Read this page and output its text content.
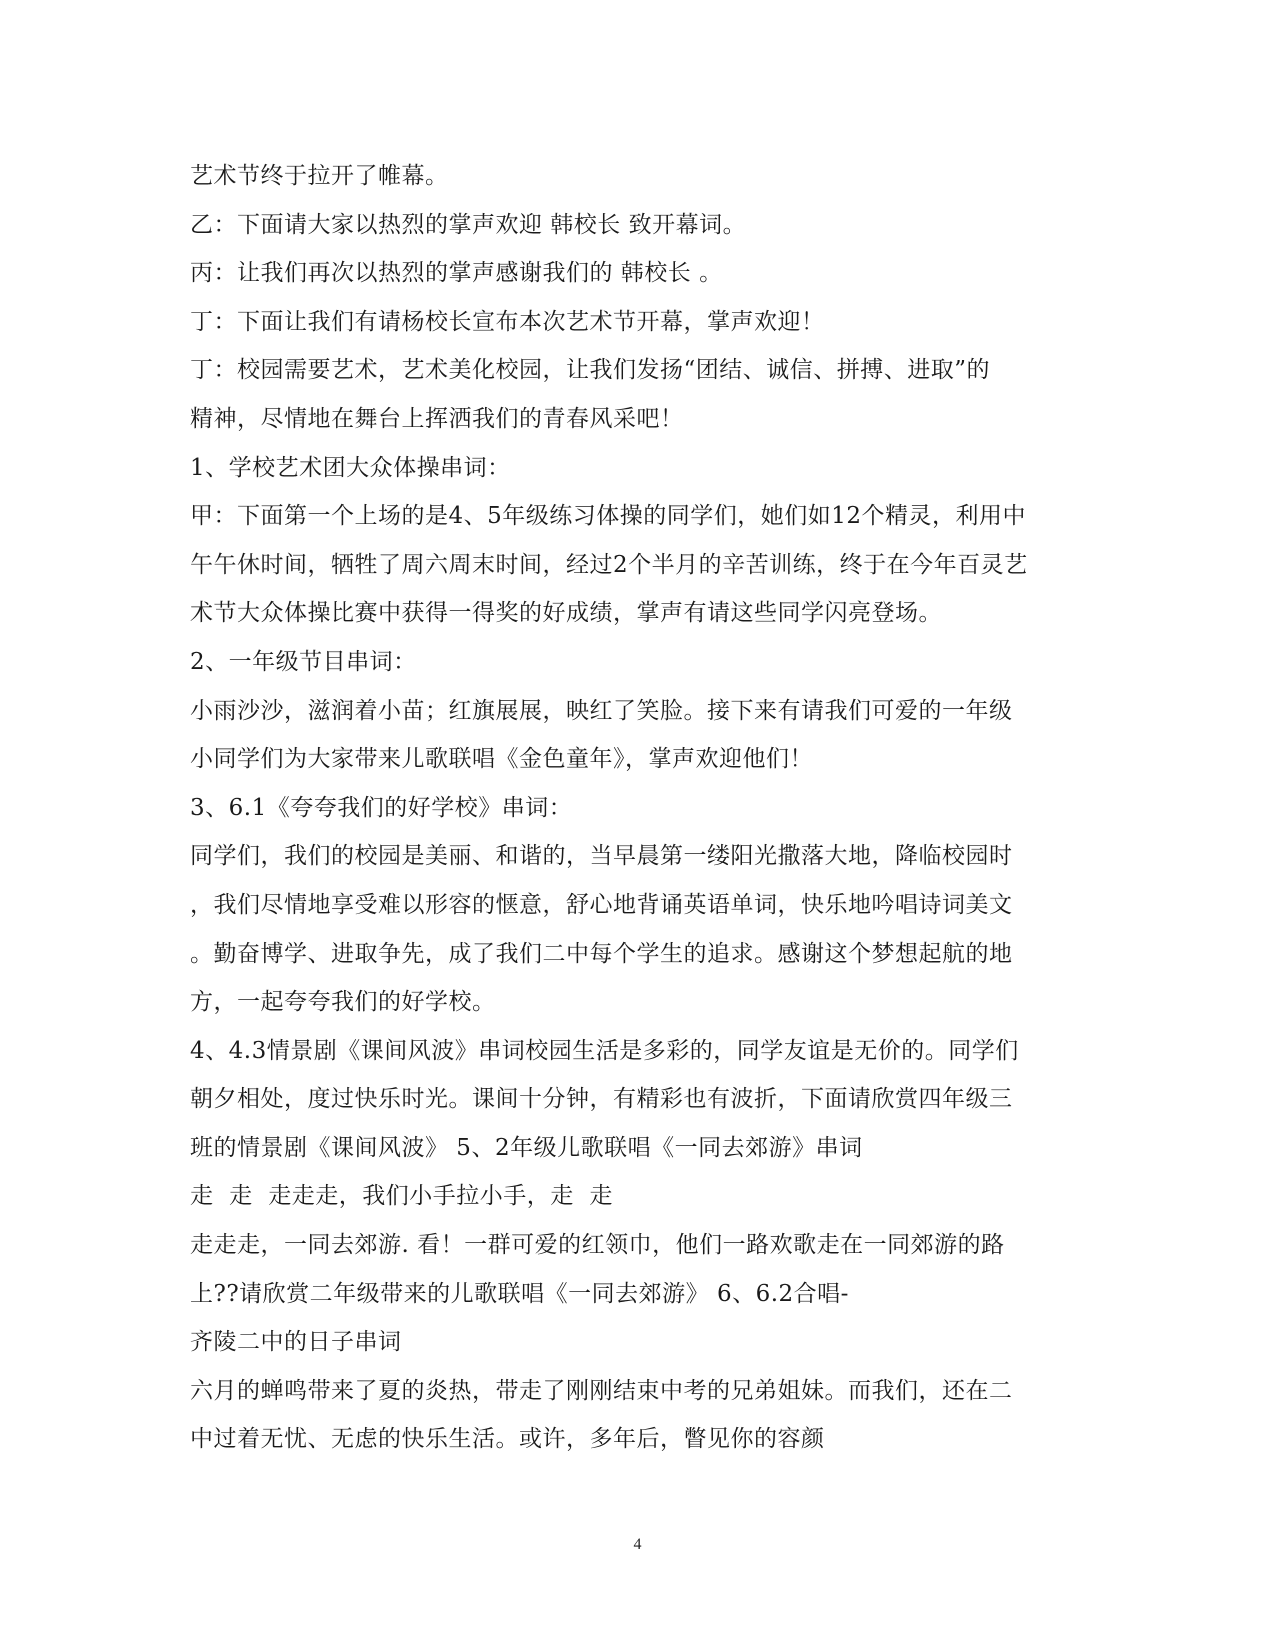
艺术节终于拉开了帷幕。
乙：下面请大家以热烈的掌声欢迎 韩校长 致开幕词。
丙：让我们再次以热烈的掌声感谢我们的 韩校长 。
丁：下面让我们有请杨校长宣布本次艺术节开幕，掌声欢迎！
丁：校园需要艺术，艺术美化校园，让我们发扬“团结、诚信、拼搏、进取”的
精神，尽情地在舞台上挥洒我们的青春风采吧！
1、学校艺术团大众体操串词：
甲：下面第一个上场的是4、5年级练习体操的同学们，她们如12个精灵，利用中
午午休时间，牺牲了周六周末时间，经过2个半月的辛苦训练，终于在今年百灵艺
术节大众体操比赛中获得一得奖的好成绩，掌声有请这些同学闪亮登场。
2、一年级节目串词：
小雨沙沙，滋润着小苗；红旗展展，映红了笑脸。接下来有请我们可爱的一年级
小同学们为大家带来儿歌联唱《金色童年》，掌声欢迎他们！
3、6.1《夸夸我们的好学校》串词：
同学们，我们的校园是美丽、和谐的，当早晨第一缕阳光撒落大地，降临校园时
，我们尽情地享受难以形容的惬意，舒心地背诵英语单词，快乐地吟唱诗词美文
。勤奋博学、进取争先，成了我们二中每个学生的追求。感谢这个梦想起航的地
方，一起夸夸我们的好学校。
4、4.3情景剧《课间风波》串词校园生活是多彩的，同学友谊是无价的。同学们
朝夕相处，度过快乐时光。课间十分钟，有精彩也有波折，下面请欣赏四年级三
班的情景剧《课间风波》 5、2年级儿歌联唱《一同去郊游》串词
走  走  走走走，我们小手拉小手，走  走
走走走，一同去郊游. 看！一群可爱的红领巾，他们一路欢歌走在一同郊游的路
上??请欣赏二年级带来的儿歌联唱《一同去郊游》 6、6.2合唱-
齐陵二中的日子串词
六月的蝉鸣带来了夏的炎热，带走了刚刚结束中考的兄弟姐妹。而我们，还在二
中过着无忧、无虑的快乐生活。或许，多年后，瞥见你的容颜
4
